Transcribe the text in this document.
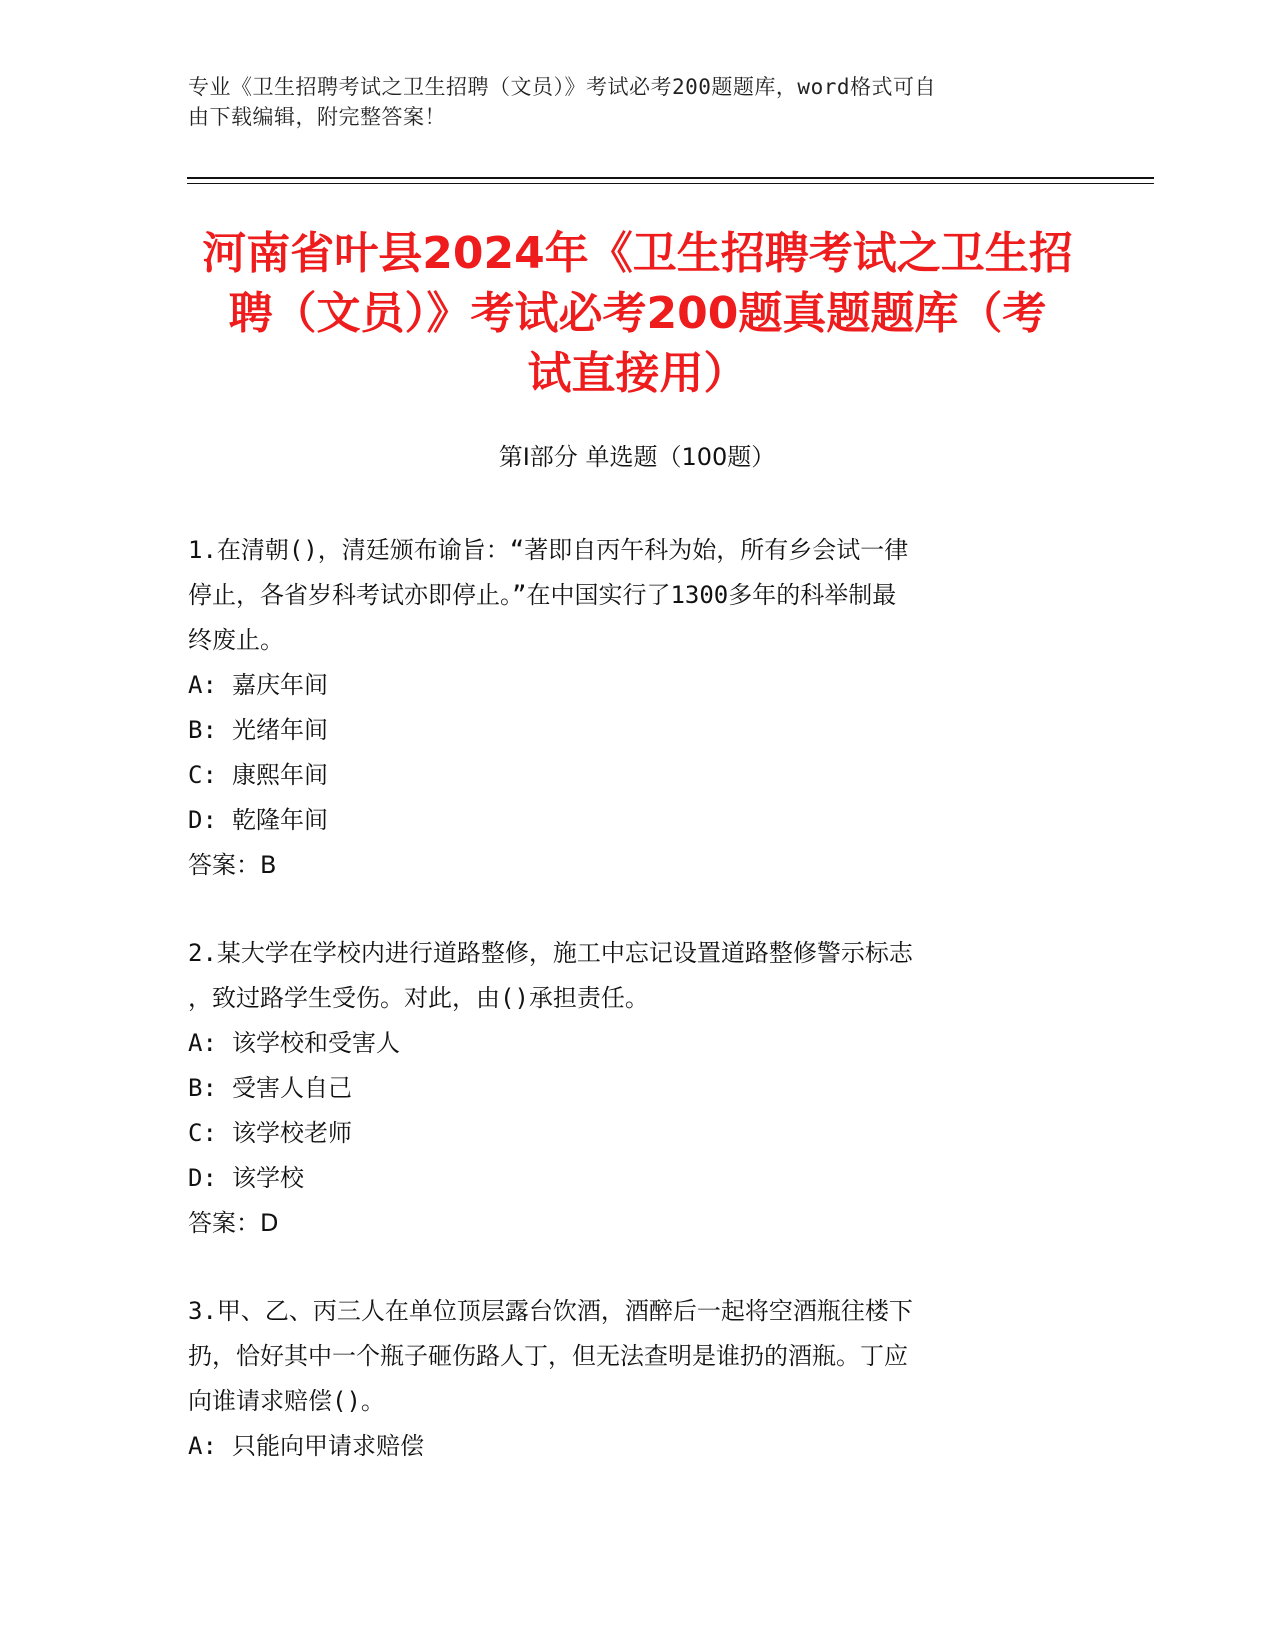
专业《卫生招聘考试之卫生招聘（文员）》考试必考200题题库，word格式可自
由下载编辑，附完整答案！
河南省叶县2024年《卫生招聘考试之卫生招
聘（文员）》考试必考200题真题题库（考
试直接用）
第Ⅰ部分 单选题（100题）
1.在清朝()，清廷颁布谕旨：“著即自丙午科为始，所有乡会试一律
停止，各省岁科考试亦即停止。”在中国实行了1300多年的科举制最
终废止。
A: 嘉庆年间
B: 光绪年间
C: 康熙年间
D: 乾隆年间
答案：B
2.某大学在学校内进行道路整修，施工中忘记设置道路整修警示标志
，致过路学生受伤。对此，由()承担责任。
A: 该学校和受害人
B: 受害人自己
C: 该学校老师
D: 该学校
答案：D
3.甲、乙、丙三人在单位顶层露台饮酒，酒醉后一起将空酒瓶往楼下
扔，恰好其中一个瓶子砸伤路人丁，但无法查明是谁扔的酒瓶。丁应
向谁请求赔偿()。
A: 只能向甲请求赔偿
